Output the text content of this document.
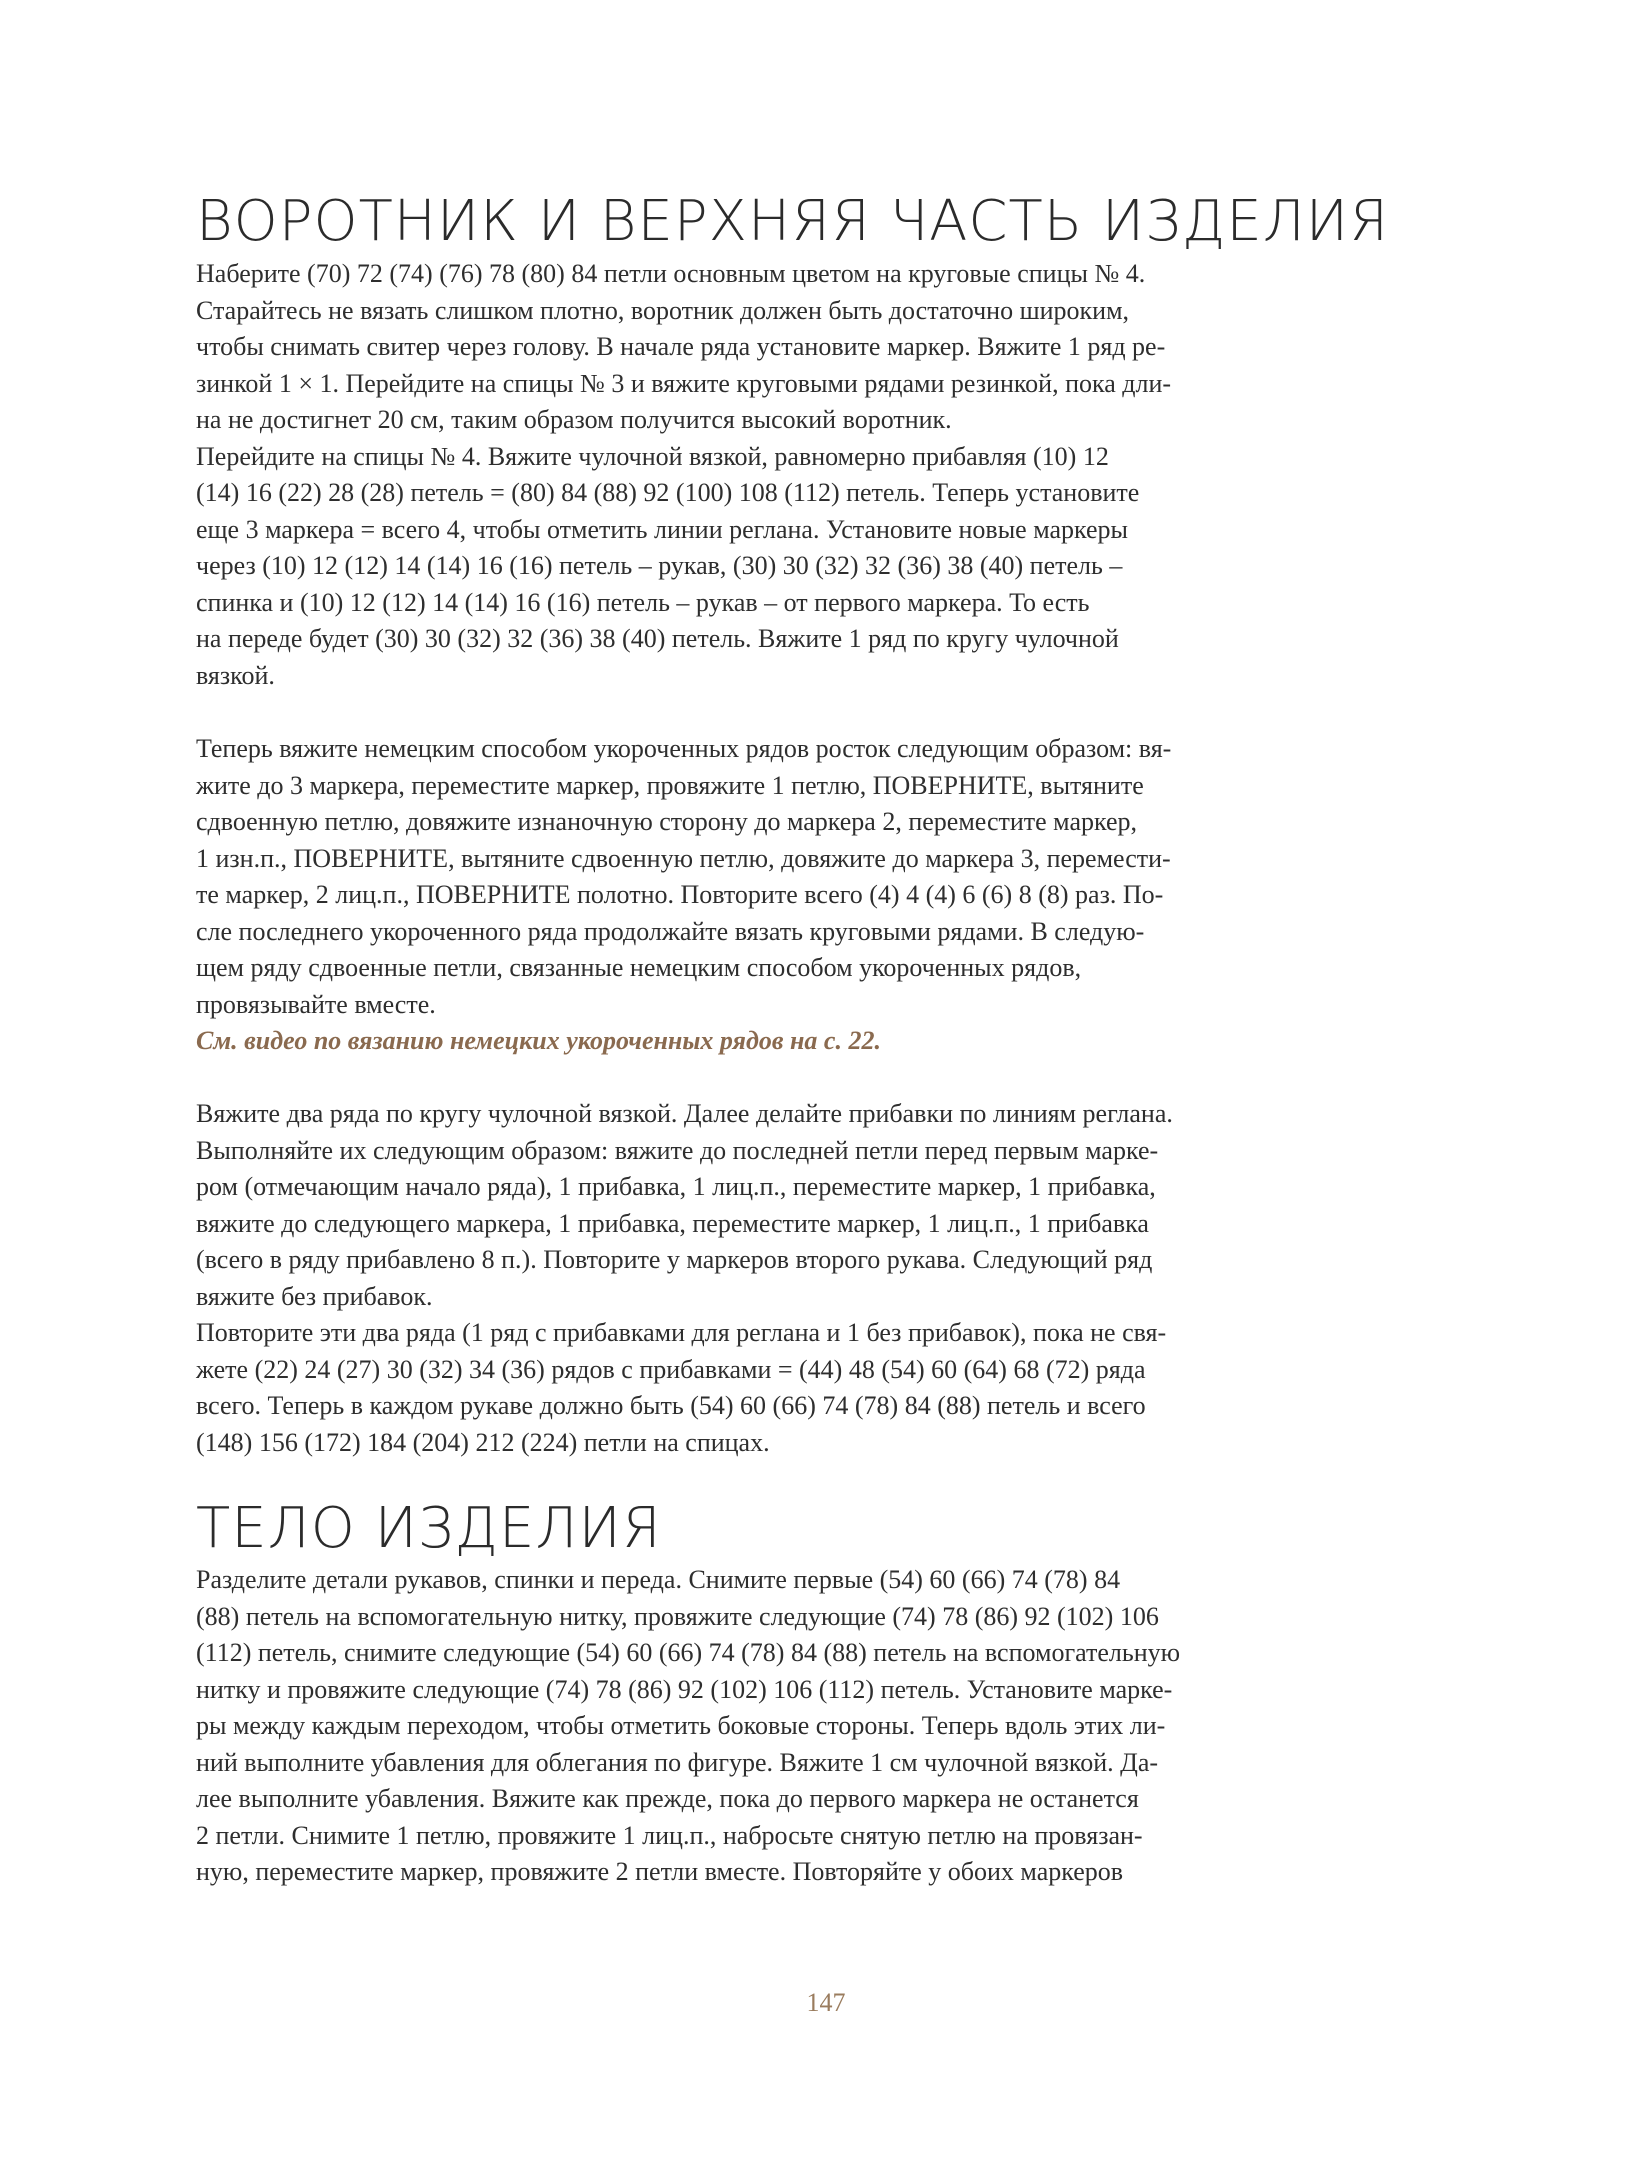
ВОРОТНИК И ВЕРХНЯЯ ЧАСТЬ ИЗДЕЛИЯ
Наберите (70) 72 (74) (76) 78 (80) 84 петли основным цветом на круговые спицы № 4.
Старайтесь не вязать слишком плотно, воротник должен быть достаточно широким,
чтобы снимать свитер через голову. В начале ряда установите маркер. Вяжите 1 ряд ре-
зинкой 1 × 1. Перейдите на спицы № 3 и вяжите круговыми рядами резинкой, пока дли-
на не достигнет 20 см, таким образом получится высокий воротник.
Перейдите на спицы № 4. Вяжите чулочной вязкой, равномерно прибавляя (10) 12
(14) 16 (22) 28 (28) петель = (80) 84 (88) 92 (100) 108 (112) петель. Теперь установите
еще 3 маркера = всего 4, чтобы отметить линии реглана. Установите новые маркеры
через (10) 12 (12) 14 (14) 16 (16) петель – рукав, (30) 30 (32) 32 (36) 38 (40) петель –
спинка и (10) 12 (12) 14 (14) 16 (16) петель – рукав – от первого маркера. То есть
на переде будет (30) 30 (32) 32 (36) 38 (40) петель. Вяжите 1 ряд по кругу чулочной
вязкой.
Теперь вяжите немецким способом укороченных рядов росток следующим образом: вя-
жите до 3 маркера, переместите маркер, провяжите 1 петлю, ПОВЕРНИТЕ, вытяните
сдвоенную петлю, довяжите изнаночную сторону до маркера 2, переместите маркер,
1 изн.п., ПОВЕРНИТЕ, вытяните сдвоенную петлю, довяжите до маркера 3, перемести-
те маркер, 2 лиц.п., ПОВЕРНИТЕ полотно. Повторите всего (4) 4 (4) 6 (6) 8 (8) раз. По-
сле последнего укороченного ряда продолжайте вязать круговыми рядами. В следую-
щем ряду сдвоенные петли, связанные немецким способом укороченных рядов,
провязывайте вместе.
См. видео по вязанию немецких укороченных рядов на с. 22.
Вяжите два ряда по кругу чулочной вязкой. Далее делайте прибавки по линиям реглана.
Выполняйте их следующим образом: вяжите до последней петли перед первым марке-
ром (отмечающим начало ряда), 1 прибавка, 1 лиц.п., переместите маркер, 1 прибавка,
вяжите до следующего маркера, 1 прибавка, переместите маркер, 1 лиц.п., 1 прибавка
(всего в ряду прибавлено 8 п.). Повторите у маркеров второго рукава. Следующий ряд
вяжите без прибавок.
Повторите эти два ряда (1 ряд с прибавками для реглана и 1 без прибавок), пока не свя-
жете (22) 24 (27) 30 (32) 34 (36) рядов с прибавками = (44) 48 (54) 60 (64) 68 (72) ряда
всего. Теперь в каждом рукаве должно быть (54) 60 (66) 74 (78) 84 (88) петель и всего
(148) 156 (172) 184 (204) 212 (224) петли на спицах.
ТЕЛО ИЗДЕЛИЯ
Разделите детали рукавов, спинки и переда. Снимите первые (54) 60 (66) 74 (78) 84
(88) петель на вспомогательную нитку, провяжите следующие (74) 78 (86) 92 (102) 106
(112) петель, снимите следующие (54) 60 (66) 74 (78) 84 (88) петель на вспомогательную
нитку и провяжите следующие (74) 78 (86) 92 (102) 106 (112) петель. Установите марке-
ры между каждым переходом, чтобы отметить боковые стороны. Теперь вдоль этих ли-
ний выполните убавления для облегания по фигуре. Вяжите 1 см чулочной вязкой. Да-
лее выполните убавления. Вяжите как прежде, пока до первого маркера не останется
2 петли. Снимите 1 петлю, провяжите 1 лиц.п., набросьте снятую петлю на провязан-
ную, переместите маркер, провяжите 2 петли вместе. Повторяйте у обоих маркеров
147
